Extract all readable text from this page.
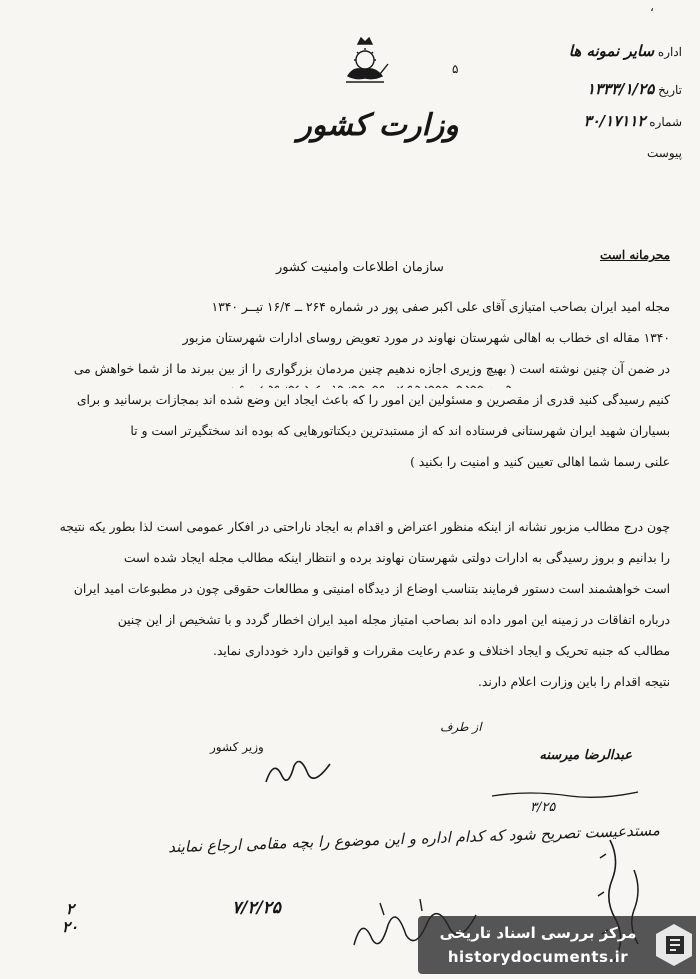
وزارت کشور
۵
،
اداره سایر نمونه ها
تاریخ ۱۳۳۳/۱/۲۵
شماره ۳۰/۱۷۱۱۲
پیوست
محرمانه است
سازمان اطلاعات وامنیت کشور

مجله امید ایران بصاحب امتیازی آقای علی اکبر صفی پور در شماره ۲۶۴ ــ ۱۶/۴ تیــر ۱۳۴۰

۱۳۴۰ مقاله ای خطاب به اهالی شهرستان نهاوند در مورد تعویض روسای ادارات شهرستان مزبور

در ضمن آن چنین نوشته است ( بهیچ وزیری اجازه ندهیم چنین مردمان بزرگواری را از بین ببرند ما از شما خواهش می

کنیم رسیدگی کنید قدری از مقصرین و مسئولین این امور را که باعث ایجاد این وضع شده اند بمجازات برسانید و برای

بسیاران شهید ایران شهرستانی فرستاده اند که از مستبدترین دیکتاتورهایی که بوده اند سختگیرتر است و تا

علنی رسما شما اهالی تعیین کنید و امنیت را بکنید )

چون درج مطالب مزبور نشانه از اینکه منظور اعتراض و اقدام به ایجاد ناراحتی در افکار عمومی است لذا بطور یکه نتیجه

را بدانیم و بروز رسیدگی به ادارات دولتی شهرستان نهاوند برده و انتظار اینکه مطالب مجله ایجاد شده است

است خواهشمند است دستور فرمایند بتناسب اوضاع از دیدگاه امنیتی و مطالعات حقوقی چون در مطبوعات امید ایران

درباره اتفاقات در زمینه این امور داده اند بصاحب امتیاز مجله امید ایران اخطار گردد و با تشخیص از این چنین

مطالب که جنبه تحریک و ایجاد اختلاف و عدم رعایت مقررات و قوانین دارد خودداری نماید.

نتیجه اقدام را باین وزارت اعلام دارند.

از طرف
وزیر کشور
عبدالرضا میرسنه
۳/۲۵
مستدعیست تصریح شود که کدام اداره و این موضوع را بچه مقامی ارجاع نمایند
۷/۲/۲۵
۲
۲۰	مرکز بررسی اسناد تاریخی
historydocuments.ir
